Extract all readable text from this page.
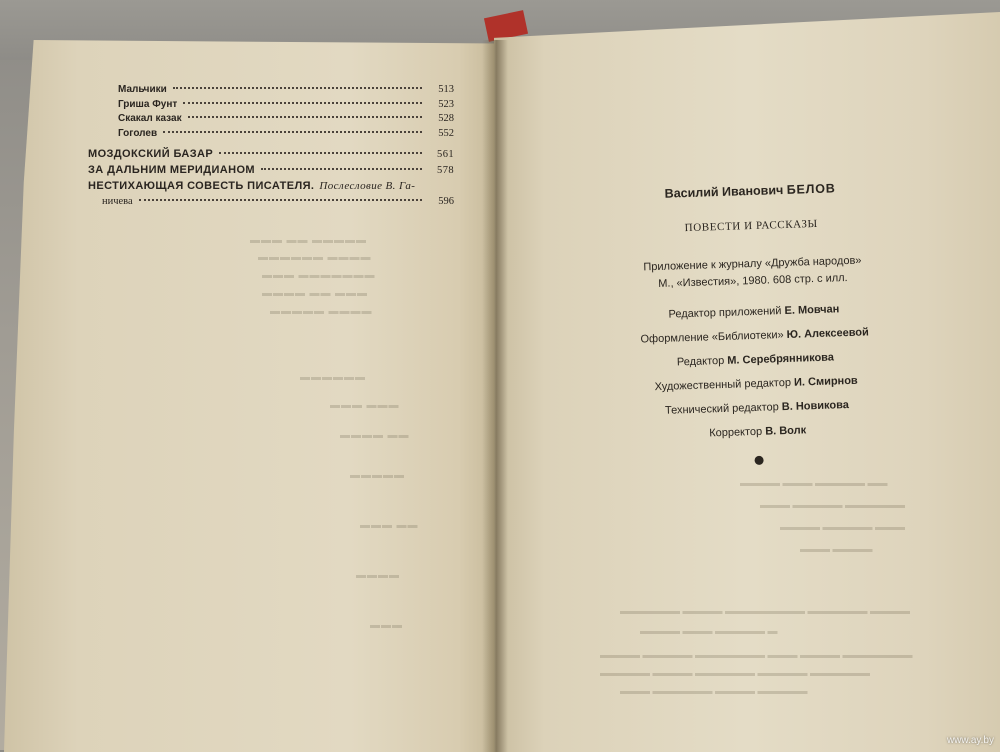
▬▬▬ ▬▬ ▬▬▬▬▬
▬▬▬▬▬▬ ▬▬▬▬
▬▬▬ ▬▬▬▬▬▬▬
▬▬▬▬ ▬▬ ▬▬▬
▬▬▬▬▬ ▬▬▬▬
▬▬▬▬▬▬
▬▬▬ ▬▬▬
▬▬▬▬ ▬▬
▬▬▬▬▬
▬▬▬ ▬▬
▬▬▬▬
▬▬▬
Мальчики	513
Гриша Фунт	523
Скакал казак	528
Гоголев	552
МОЗДОКСКИЙ БАЗАР	561
ЗА ДАЛЬНИМ МЕРИДИАНОМ	578
НЕСТИХАЮЩАЯ СОВЕСТЬ ПИСАТЕЛЯ. Послесловие В. Га-
ничева	596
▬▬▬▬ ▬▬▬ ▬▬▬▬▬ ▬▬
▬▬▬ ▬▬▬▬▬ ▬▬▬▬▬▬
▬▬▬▬ ▬▬▬▬▬ ▬▬▬
▬▬▬ ▬▬▬▬
▬▬▬▬▬▬ ▬▬▬▬ ▬▬▬▬▬▬▬▬ ▬▬▬▬▬▬ ▬▬▬▬
▬▬▬▬ ▬▬▬ ▬▬▬▬▬ ▬
▬▬▬▬ ▬▬▬▬▬ ▬▬▬▬▬▬▬ ▬▬▬ ▬▬▬▬ ▬▬▬▬▬▬▬
▬▬▬▬▬ ▬▬▬▬ ▬▬▬▬▬▬ ▬▬▬▬▬ ▬▬▬▬▬▬
▬▬▬ ▬▬▬▬▬▬ ▬▬▬▬ ▬▬▬▬▬
Василий Иванович БЕЛОВ
ПОВЕСТИ И РАССКАЗЫ
Приложение к журналу «Дружба народов»
М., «Известия», 1980. 608 стр. с илл.
Редактор приложений Е. Мовчан
Оформление «Библиотеки» Ю. Алексеевой
Редактор М. Серебрянникова
Художественный редактор И. Смирнов
Технический редактор В. Новикова
Корректор В. Волк
www.ay.by
